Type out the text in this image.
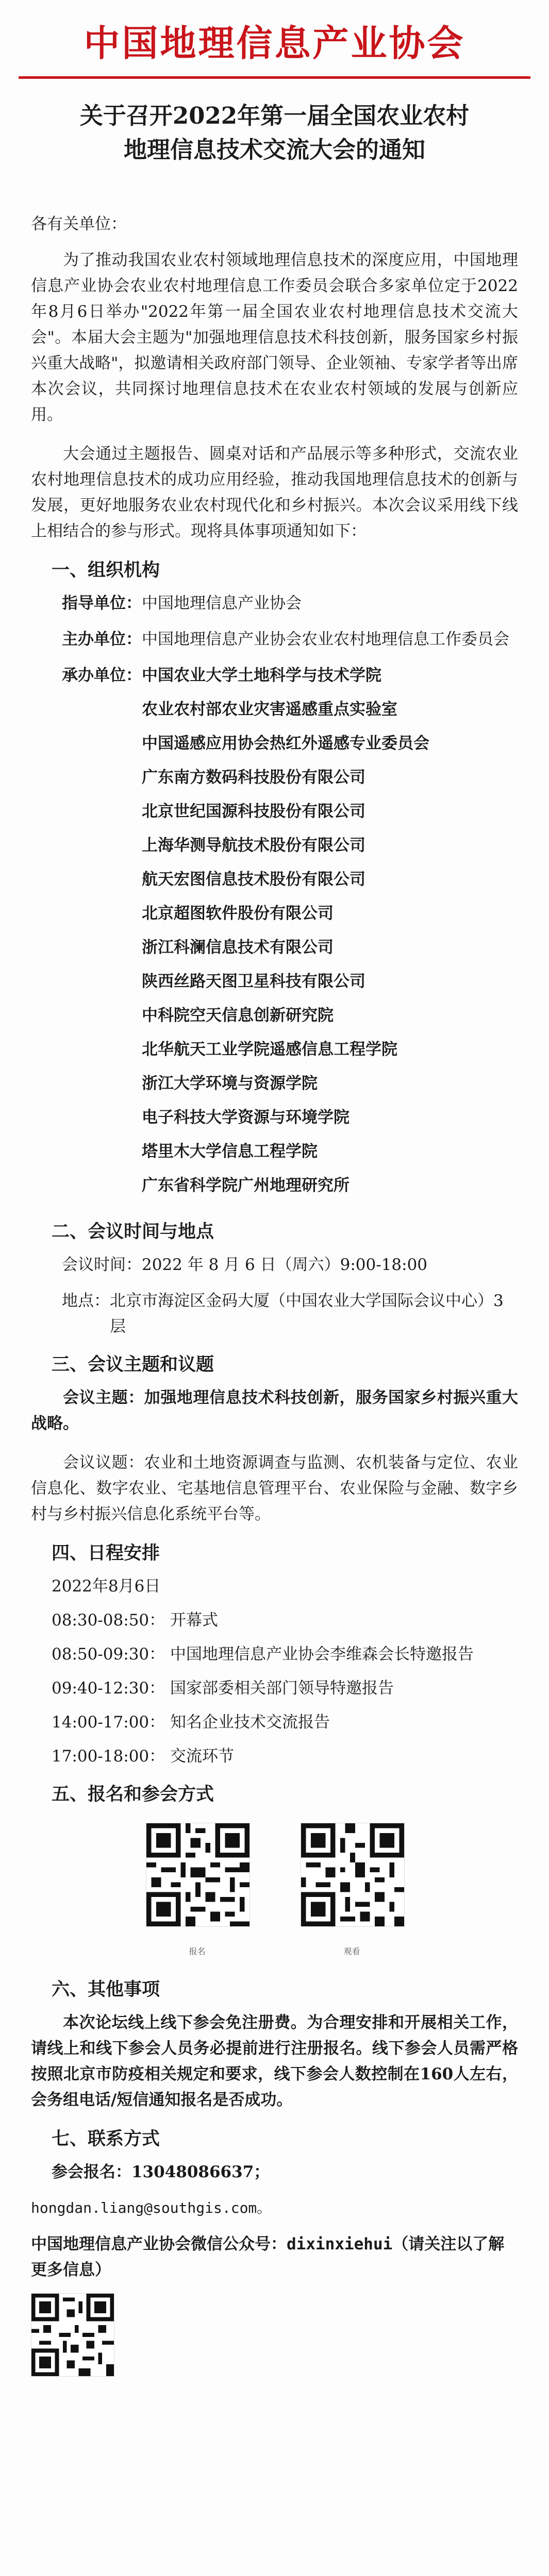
中国地理信息产业协会
关于召开2022年第一届全国农业农村
地理信息技术交流大会的通知
各有关单位：

为了推动我国农业农村领域地理信息技术的深度应用，中国地理信息产业协会农业农村地理信息工作委员会联合多家单位定于2022年8月6日举办"2022年第一届全国农业农村地理信息技术交流大会"。本届大会主题为"加强地理信息技术科技创新，服务国家乡村振兴重大战略"，拟邀请相关政府部门领导、企业领袖、专家学者等出席本次会议，共同探讨地理信息技术在农业农村领域的发展与创新应用。

大会通过主题报告、圆桌对话和产品展示等多种形式，交流农业农村地理信息技术的成功应用经验，推动我国地理信息技术的创新与发展，更好地服务农业农村现代化和乡村振兴。本次会议采用线下线上相结合的参与形式。现将具体事项通知如下：

一、组织机构
指导单位： 中国地理信息产业协会
主办单位： 中国地理信息产业协会农业农村地理信息工作委员会
承办单位： 中国农业大学土地科学与技术学院
农业农村部农业灾害遥感重点实验室
中国遥感应用协会热红外遥感专业委员会
广东南方数码科技股份有限公司
北京世纪国源科技股份有限公司
上海华测导航技术股份有限公司
航天宏图信息技术股份有限公司
北京超图软件股份有限公司
浙江科澜信息技术有限公司
陕西丝路天图卫星科技有限公司
中科院空天信息创新研究院
北华航天工业学院遥感信息工程学院
浙江大学环境与资源学院
电子科技大学资源与环境学院
塔里木大学信息工程学院
广东省科学院广州地理研究所
二、会议时间与地点
会议时间： 2022 年 8 月 6 日（周六）9:00-18:00
地点： 北京市海淀区金码大厦（中国农业大学国际会议中心）3层
三、会议主题和议题

会议主题：加强地理信息技术科技创新，服务国家乡村振兴重大战略。

会议议题：农业和土地资源调查与监测、农机装备与定位、农业信息化、数字农业、宅基地信息管理平台、农业保险与金融、数字乡村与乡村振兴信息化系统平台等。

四、日程安排
2022年8月6日
08:30-08:50： 开幕式
08:50-09:30： 中国地理信息产业协会李维森会长特邀报告
09:40-12:30： 国家部委相关部门领导特邀报告
14:00-17:00： 知名企业技术交流报告
17:00-18:00： 交流环节
五、报名和参会方式
报名	观看
六、其他事项

本次论坛线上线下参会免注册费。为合理安排和开展相关工作，请线上和线下参会人员务必提前进行注册报名。线下参会人员需严格按照北京市防疫相关规定和要求，线下参会人数控制在160人左右，会务组电话/短信通知报名是否成功。

七、联系方式
参会报名： 13048086637；
hongdan.liang@southgis.com。

中国地理信息产业协会微信公众号：dixinxiehui（请关注以了解更多信息）
